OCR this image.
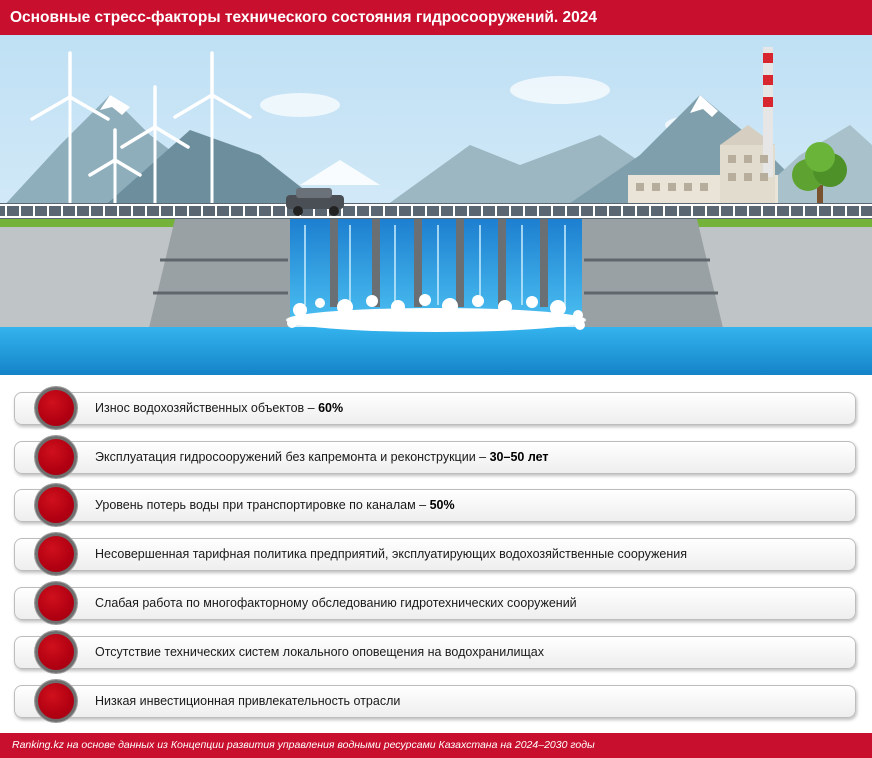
Основные стресс-факторы технического состояния гидросооружений. 2024
Износ водохозяйственных объектов – 60%
Эксплуатация гидросооружений без капремонта и реконструкции – 30–50 лет
Уровень потерь воды при транспортировке по каналам – 50%
Несовершенная тарифная политика предприятий, эксплуатирующих водохозяйственные сооружения
Слабая работа по многофакторному обследованию гидротехнических сооружений
Отсутствие технических систем локального оповещения на водохранилищах
Низкая инвестиционная привлекательность отрасли
Ranking.kz на основе данных из Концепции развития управления водными ресурсами Казахстана на 2024–2030 годы
